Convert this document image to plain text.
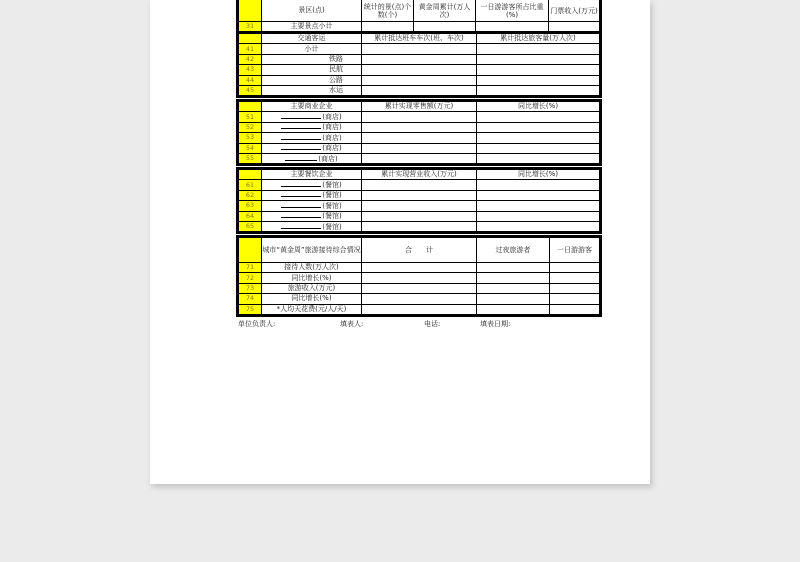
	景区(点)	统计的景(点)个数(个)	黄金周累计(万人次)	一日游游客所占比重(%)	门票收入(万元)
31	主要景点小计				
	交通客运	累计抵达班车车次(班、车次)	累计抵达旅客量(万人次)
41	小计		
42	铁路		
43	民航		
44	公路		
45	水运		
	主要商业企业	累计实现零售额(万元)	同比增长(%)
51	(商店)		
52	(商店)		
53	(商店)		
54	(商店)		
55	(商店)		
	主要餐饮企业	累计实现营业收入(万元)	同比增长(%)
61	(餐馆)		
62	(餐馆)		
63	(餐馆)		
64	(餐馆)		
65	(餐馆)		
	城市“黄金周”旅游接待综合情况	合　　计	过夜旅游者	一日游游客
71	接待人数(万人次)			
72	同比增长(%)			
73	旅游收入(万元)			
74	同比增长(%)			
75	*人均天花费(元/人/天)			
单位负责人:	填表人:	电话:	填表日期:
